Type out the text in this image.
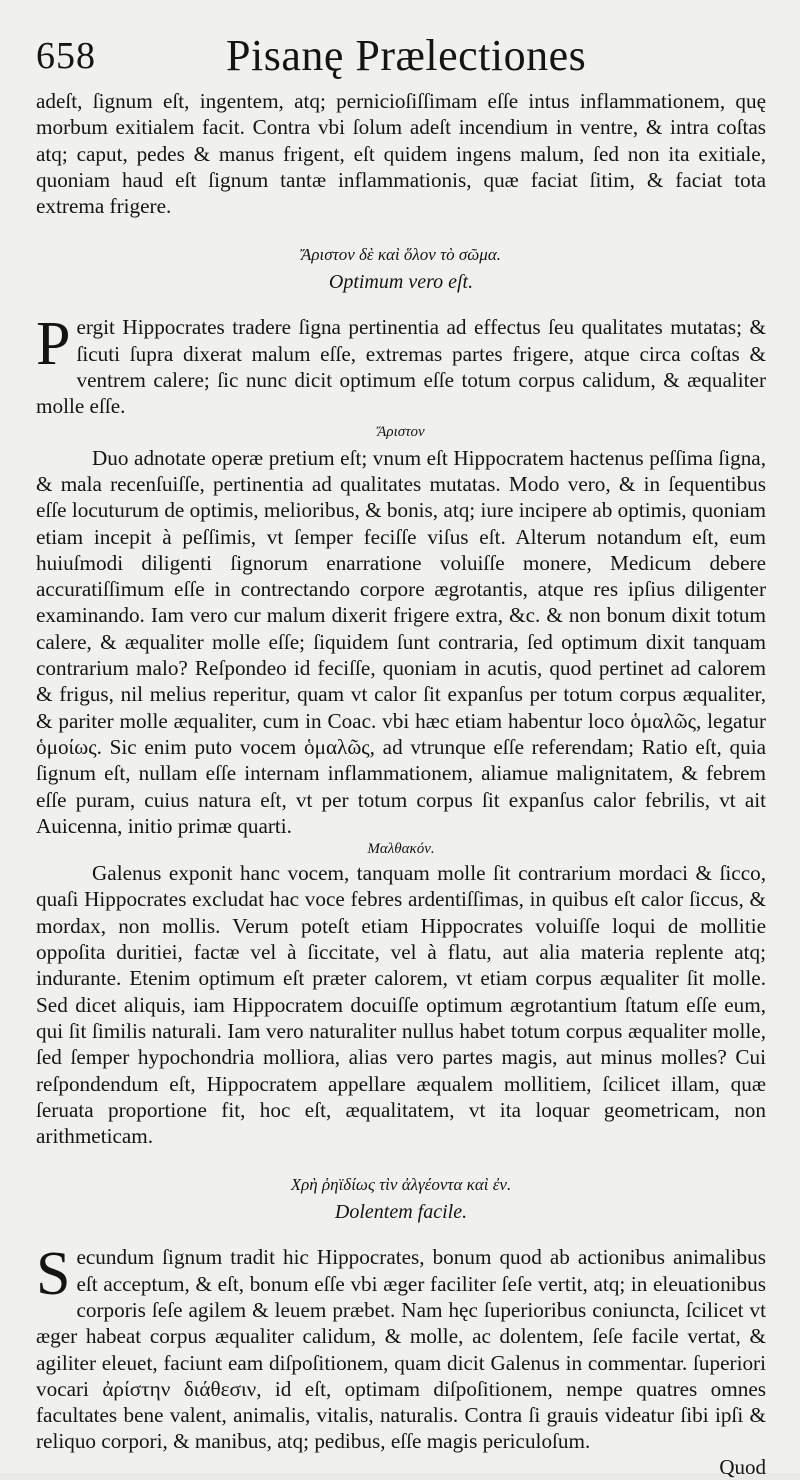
658	Pisanę Prælectiones

adeſt, ſignum eſt, ingentem, atq; pernicioſiſſimam eſſe intus inflammationem, quę morbum exitialem facit. Contra vbi ſolum adeſt incendium in ventre, & intra coſtas atq; caput, pedes & manus frigent, eſt quidem ingens malum, ſed non ita exitiale, quoniam haud eſt ſignum tantæ inflammationis, quæ faciat ſitim, & faciat tota extrema frigere.

Ἄριστον δὲ καὶ ὅλον τὸ σῶμα.
Optimum vero eſt.

Pergit Hippocrates tradere ſigna pertinentia ad effectus ſeu qualitates mutatas; & ſicuti ſupra dixerat malum eſſe, extremas partes frigere, atque circa coſtas & ventrem calere; ſic nunc dicit optimum eſſe totum corpus calidum, & æqualiter molle eſſe.

Ἄριστον

Duo adnotate operæ pretium eſt; vnum eſt Hippocratem hactenus peſſima ſigna, & mala recenſuiſſe, pertinentia ad qualitates mutatas. Modo vero, & in ſequentibus eſſe locuturum de optimis, melioribus, & bonis, atq; iure incipere ab optimis, quoniam etiam incepit à peſſimis, vt ſemper feciſſe viſus eſt. Alterum notandum eſt, eum huiuſmodi diligenti ſignorum enarratione voluiſſe monere, Medicum debere accuratiſſimum eſſe in contrectando corpore ægrotantis, atque res ipſius diligenter examinando. Iam vero cur malum dixerit frigere extra, &c. & non bonum dixit totum calere, & æqualiter molle eſſe; ſiquidem ſunt contraria, ſed optimum dixit tanquam contrarium malo? Reſpondeo id feciſſe, quoniam in acutis, quod pertinet ad calorem & frigus, nil melius reperitur, quam vt calor ſit expanſus per totum corpus æqualiter, & pariter molle æqualiter, cum in Coac. vbi hæc etiam habentur loco ὁμαλῶς, legatur ὁμοίως. Sic enim puto vocem ὁμαλῶς, ad vtrunque eſſe referendam; Ratio eſt, quia ſignum eſt, nullam eſſe internam inflammationem, aliamue malignitatem, & febrem eſſe puram, cuius natura eſt, vt per totum corpus ſit expanſus calor febrilis, vt ait Auicenna, initio primæ quarti.

Μαλθακόν.

Galenus exponit hanc vocem, tanquam molle ſit contrarium mordaci & ſicco, quaſi Hippocrates excludat hac voce febres ardentiſſimas, in quibus eſt calor ſiccus, & mordax, non mollis. Verum poteſt etiam Hippocrates voluiſſe loqui de mollitie oppoſita duritiei, factæ vel à ſiccitate, vel à flatu, aut alia materia replente atq; indurante. Etenim optimum eſt præter calorem, vt etiam corpus æqualiter ſit molle. Sed dicet aliquis, iam Hippocratem docuiſſe optimum ægrotantium ſtatum eſſe eum, qui ſit ſimilis naturali. Iam vero naturaliter nullus habet totum corpus æqualiter molle, ſed ſemper hypochondria molliora, alias vero partes magis, aut minus molles? Cui reſpondendum eſt, Hippocratem appellare æqualem mollitiem, ſcilicet illam, quæ ſeruata proportione fit, hoc eſt, æqualitatem, vt ita loquar geometricam, non arithmeticam.

Χρὴ ῥηϊδίως τὶν ἀλγέοντα καὶ ἐν.
Dolentem facile.

Secundum ſignum tradit hic Hippocrates, bonum quod ab actionibus animalibus eſt acceptum, & eſt, bonum eſſe vbi æger faciliter ſeſe vertit, atq; in eleuationibus corporis ſeſe agilem & leuem præbet. Nam hęc ſuperioribus coniuncta, ſcilicet vt æger habeat corpus æqualiter calidum, & molle, ac dolentem, ſeſe facile vertat, & agiliter eleuet, faciunt eam diſpoſitionem, quam dicit Galenus in commentar. ſuperiori vocari ἀρίστην διάθεσιν, id eſt, optimam diſpoſitionem, nempe quatres omnes facultates bene valent, animalis, vitalis, naturalis. Contra ſi grauis videatur ſibi ipſi & reliquo corpori, & manibus, atq; pedibus, eſſe magis periculoſum.

Quod
